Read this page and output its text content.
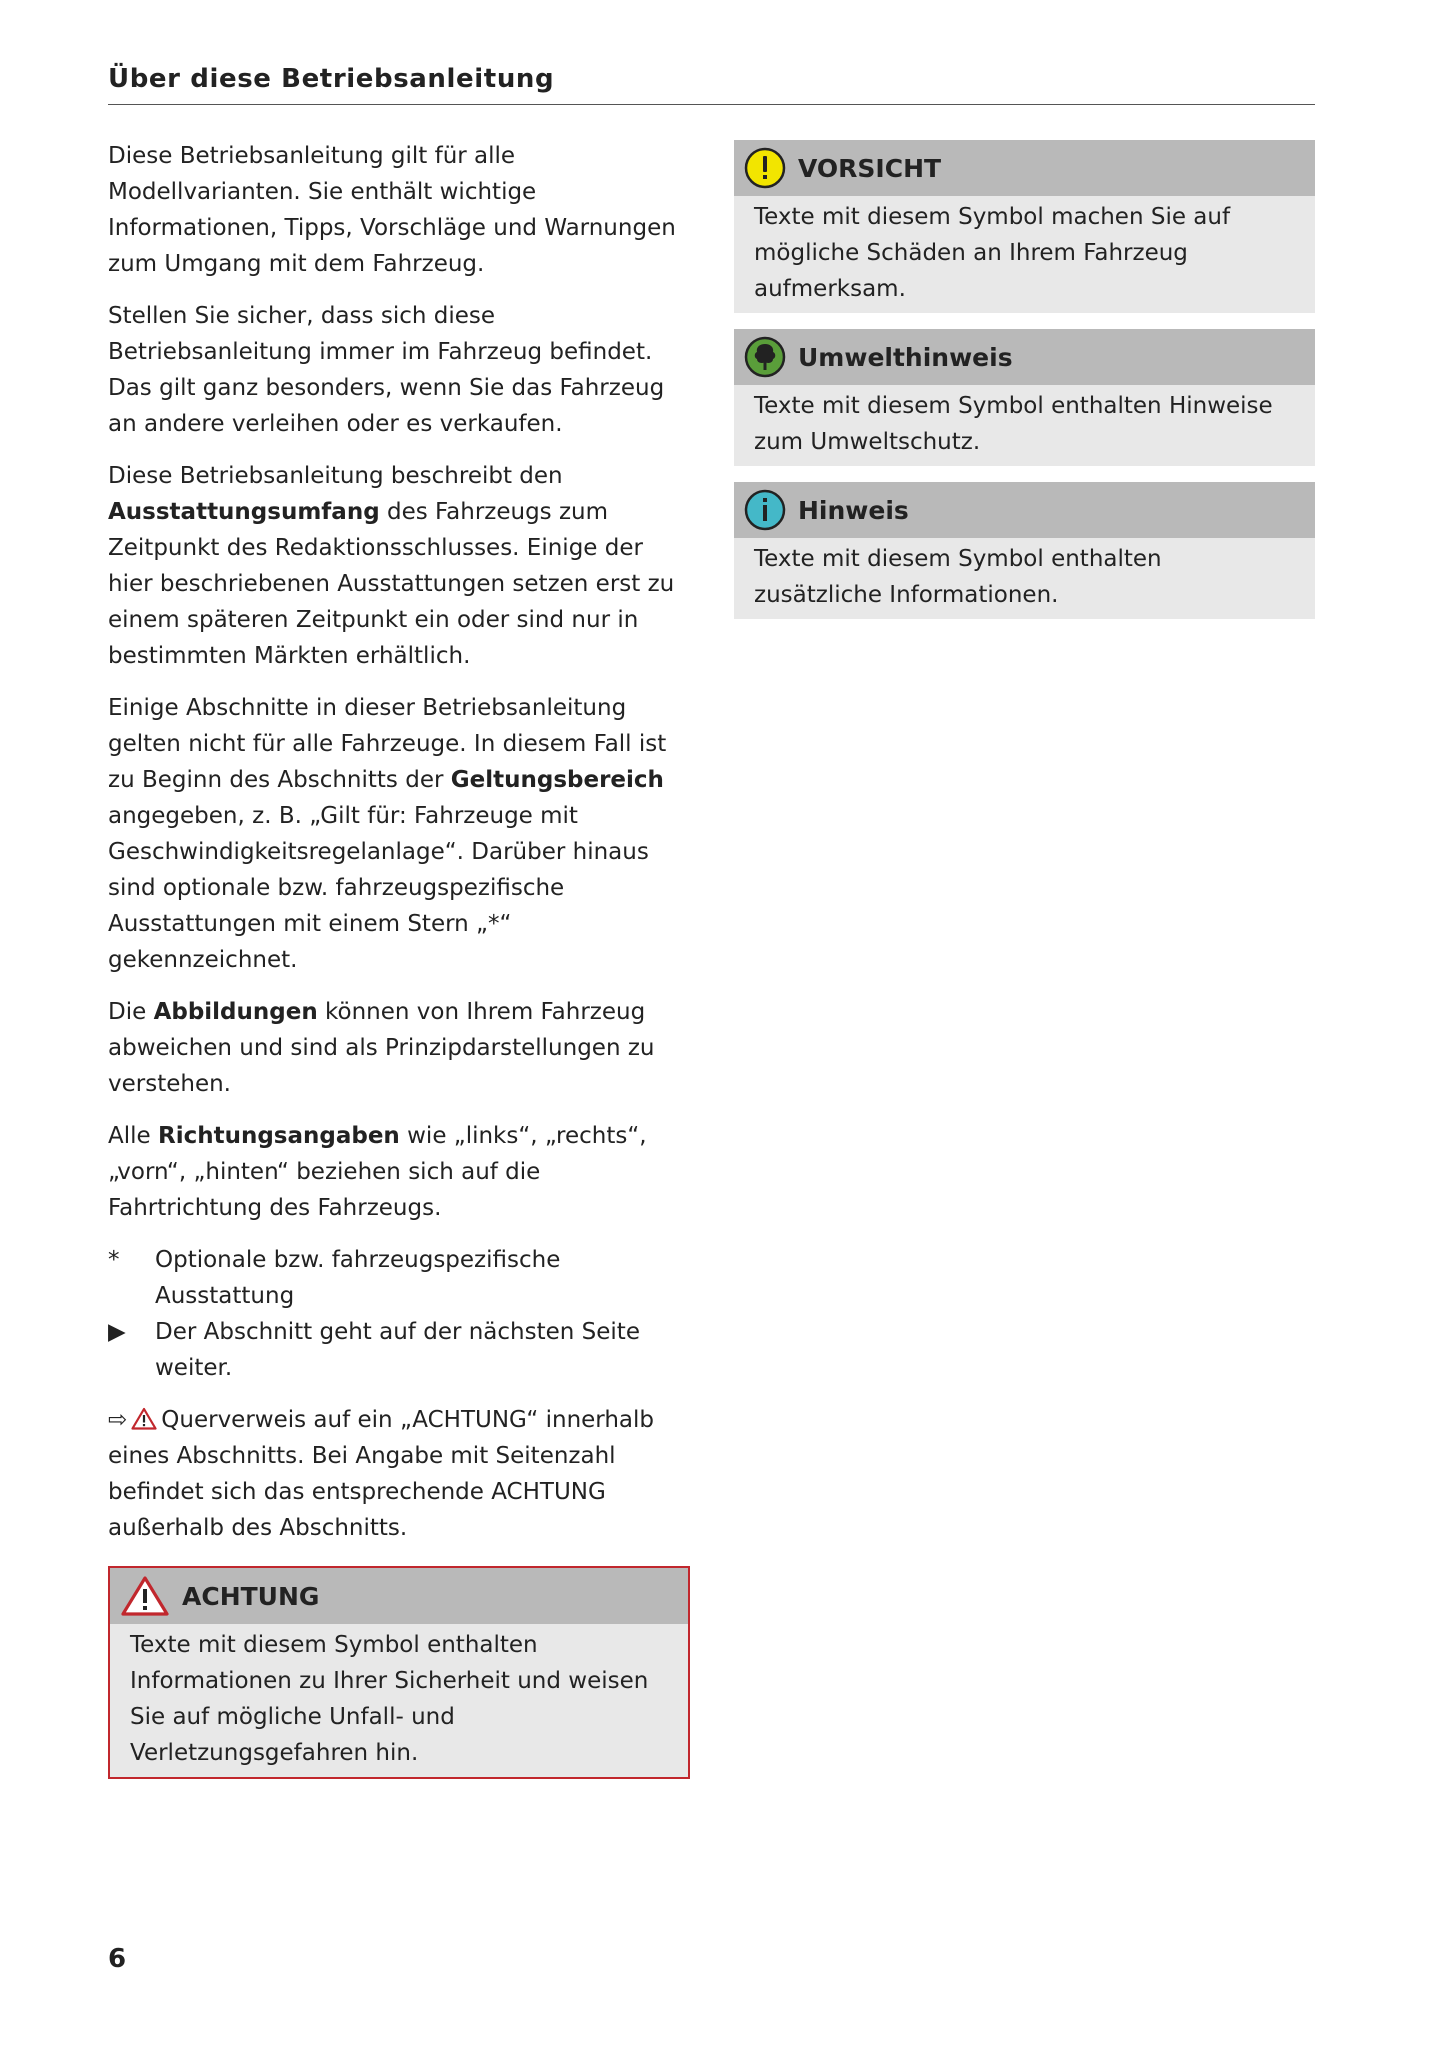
Über diese Betriebsanleitung

Diese Betriebsanleitung gilt für alle Modellvarianten. Sie enthält wichtige Informationen, Tipps, Vorschläge und Warnungen zum Umgang mit dem Fahrzeug.

Stellen Sie sicher, dass sich diese Betriebsanleitung immer im Fahrzeug befindet. Das gilt ganz besonders, wenn Sie das Fahrzeug an andere verleihen oder es verkaufen.

Diese Betriebsanleitung beschreibt den Ausstattungsumfang des Fahrzeugs zum Zeitpunkt des Redaktionsschlusses. Einige der hier beschriebenen Ausstattungen setzen erst zu einem späteren Zeitpunkt ein oder sind nur in bestimmten Märkten erhältlich.

Einige Abschnitte in dieser Betriebsanleitung gelten nicht für alle Fahrzeuge. In diesem Fall ist zu Beginn des Abschnitts der Geltungsbereich angegeben, z. B. „Gilt für: Fahrzeuge mit Geschwindigkeitsregelanlage“. Darüber hinaus sind optionale bzw. fahrzeugspezifische Ausstattungen mit einem Stern „*“ gekennzeichnet.

Die Abbildungen können von Ihrem Fahrzeug abweichen und sind als Prinzipdarstellungen zu verstehen.

Alle Richtungsangaben wie „links“, „rechts“, „vorn“, „hinten“ beziehen sich auf die Fahrtrichtung des Fahrzeugs.

*	Optionale bzw. fahrzeugspezifische Ausstattung
▶	Der Abschnitt geht auf der nächsten Seite weiter.

⇨ Querverweis auf ein „ACHTUNG“ innerhalb eines Abschnitts. Bei Angabe mit Seitenzahl befindet sich das entsprechende ACHTUNG außerhalb des Abschnitts.

ACHTUNG
Texte mit diesem Symbol enthalten Informationen zu Ihrer Sicherheit und weisen Sie auf mögliche Unfall- und Verletzungsgefahren hin.
VORSICHT
Texte mit diesem Symbol machen Sie auf mögliche Schäden an Ihrem Fahrzeug aufmerksam.
Umwelthinweis
Texte mit diesem Symbol enthalten Hinweise zum Umweltschutz.
Hinweis
Texte mit diesem Symbol enthalten zusätzliche Informationen.
6
